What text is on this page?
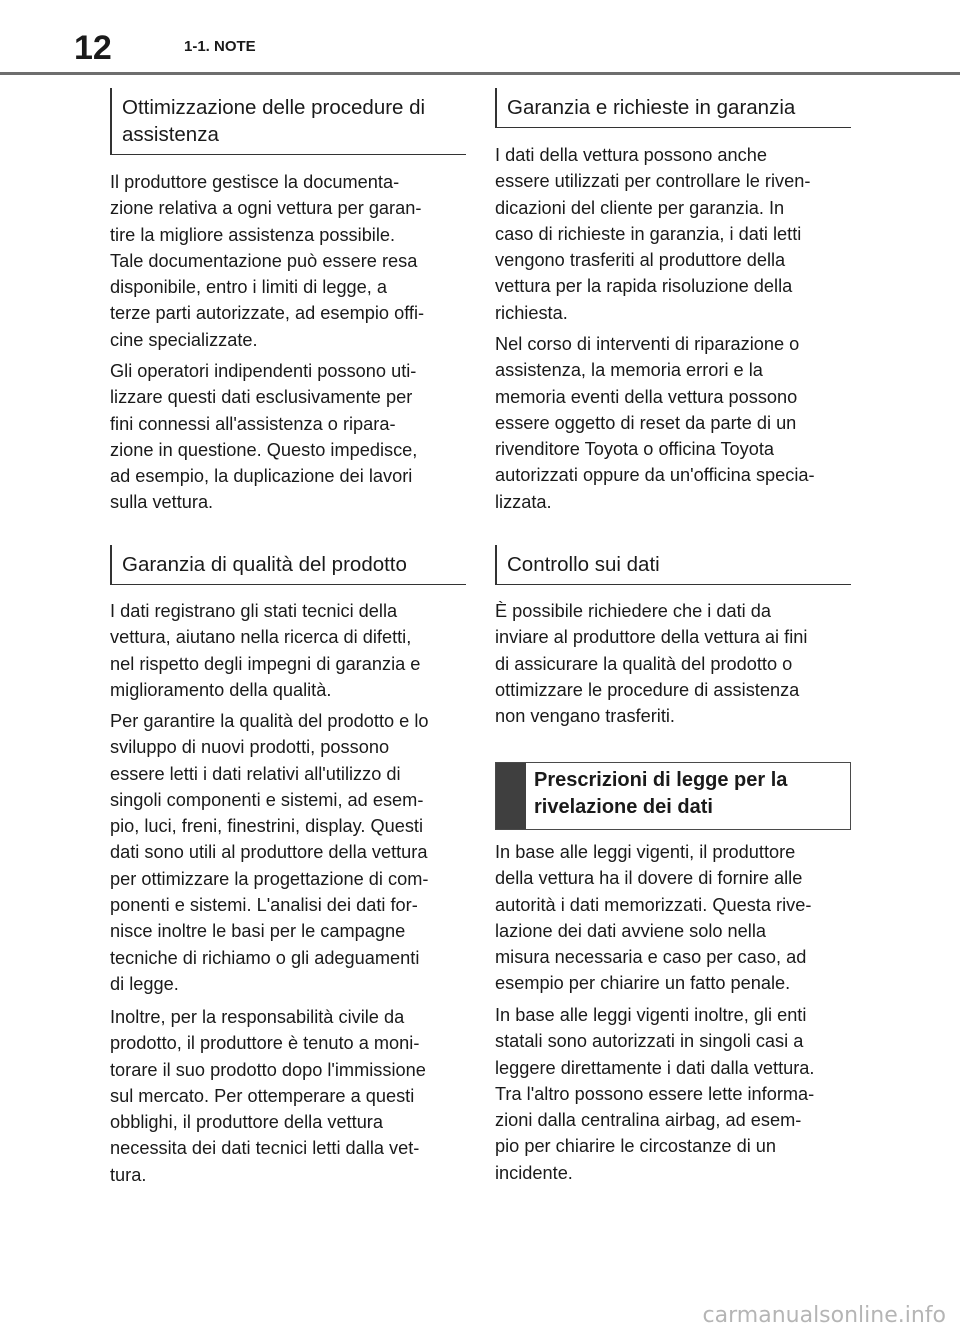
12	1-1. NOTE
Ottimizzazione delle procedure di
assistenza
Il produttore gestisce la documenta-
zione relativa a ogni vettura per garan-
tire la migliore assistenza possibile.
Tale documentazione può essere resa
disponibile, entro i limiti di legge, a
terze parti autorizzate, ad esempio offi-
cine specializzate.
Gli operatori indipendenti possono uti-
lizzare questi dati esclusivamente per
fini connessi all'assistenza o ripara-
zione in questione. Questo impedisce,
ad esempio, la duplicazione dei lavori
sulla vettura.
Garanzia di qualità del prodotto
I dati registrano gli stati tecnici della
vettura, aiutano nella ricerca di difetti,
nel rispetto degli impegni di garanzia e
miglioramento della qualità.
Per garantire la qualità del prodotto e lo
sviluppo di nuovi prodotti, possono
essere letti i dati relativi all'utilizzo di
singoli componenti e sistemi, ad esem-
pio, luci, freni, finestrini, display. Questi
dati sono utili al produttore della vettura
per ottimizzare la progettazione di com-
ponenti e sistemi. L'analisi dei dati for-
nisce inoltre le basi per le campagne
tecniche di richiamo o gli adeguamenti
di legge.
Inoltre, per la responsabilità civile da
prodotto, il produttore è tenuto a moni-
torare il suo prodotto dopo l'immissione
sul mercato. Per ottemperare a questi
obblighi, il produttore della vettura
necessita dei dati tecnici letti dalla vet-
tura.
Garanzia e richieste in garanzia
I dati della vettura possono anche
essere utilizzati per controllare le riven-
dicazioni del cliente per garanzia. In
caso di richieste in garanzia, i dati letti
vengono trasferiti al produttore della
vettura per la rapida risoluzione della
richiesta.
Nel corso di interventi di riparazione o
assistenza, la memoria errori e la
memoria eventi della vettura possono
essere oggetto di reset da parte di un
rivenditore Toyota o officina Toyota
autorizzati oppure da un'officina specia-
lizzata.
Controllo sui dati
È possibile richiedere che i dati da
inviare al produttore della vettura ai fini
di assicurare la qualità del prodotto o
ottimizzare le procedure di assistenza
non vengano trasferiti.
Prescrizioni di legge per la
rivelazione dei dati
In base alle leggi vigenti, il produttore
della vettura ha il dovere di fornire alle
autorità i dati memorizzati. Questa rive-
lazione dei dati avviene solo nella
misura necessaria e caso per caso, ad
esempio per chiarire un fatto penale.
In base alle leggi vigenti inoltre, gli enti
statali sono autorizzati in singoli casi a
leggere direttamente i dati dalla vettura.
Tra l'altro possono essere lette informa-
zioni dalla centralina airbag, ad esem-
pio per chiarire le circostanze di un
incidente.
carmanualsonline.info
